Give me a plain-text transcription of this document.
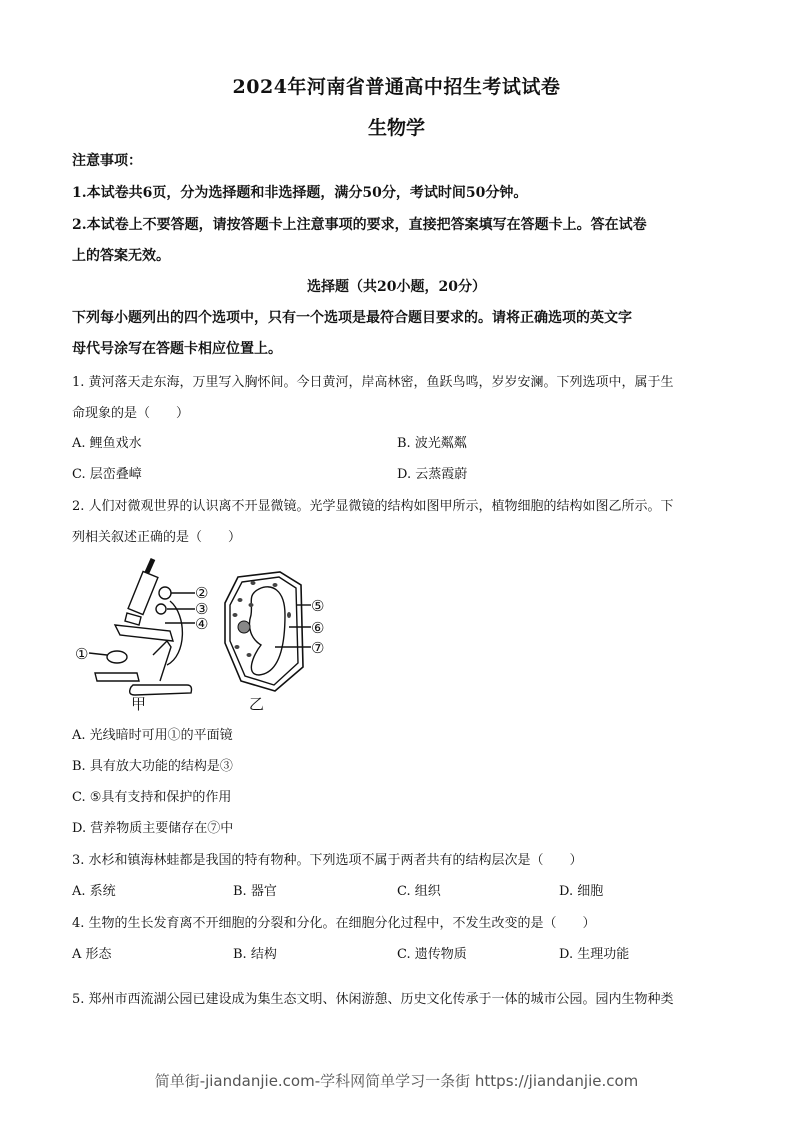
2024年河南省普通高中招生考试试卷
生物学
注意事项：
1.本试卷共6页，分为选择题和非选择题，满分50分，考试时间50分钟。
2.本试卷上不要答题，请按答题卡上注意事项的要求，直接把答案填写在答题卡上。答在试卷
上的答案无效。
选择题（共20小题，20分）
下列每小题列出的四个选项中，只有一个选项是最符合题目要求的。请将正确选项的英文字
母代号涂写在答题卡相应位置上。
1. 黄河落天走东海，万里写入胸怀间。今日黄河，岸高林密，鱼跃鸟鸣，岁岁安澜。下列选项中，属于生
命现象的是（　　）
A. 鲤鱼戏水	B. 波光粼粼
C. 层峦叠嶂	D. 云蒸霞蔚
2. 人们对微观世界的认识离不开显微镜。光学显微镜的结构如图甲所示，植物细胞的结构如图乙所示。下
列相关叙述正确的是（　　）
①
②
③
④
⑤
⑥
⑦
甲	乙
A. 光线暗时可用①的平面镜
B. 具有放大功能的结构是③
C. ⑤具有支持和保护的作用
D. 营养物质主要储存在⑦中
3. 水杉和镇海林蛙都是我国的特有物种。下列选项不属于两者共有的结构层次是（　　）
A. 系统	B. 器官	C. 组织	D. 细胞
4. 生物的生长发育离不开细胞的分裂和分化。在细胞分化过程中，不发生改变的是（　　）
A 形态	B. 结构	C. 遗传物质	D. 生理功能
5. 郑州市西流湖公园已建设成为集生态文明、休闲游憩、历史文化传承于一体的城市公园。园内生物种类
简单街-jiandanjie.com-学科网简单学习一条街 https://jiandanjie.com
